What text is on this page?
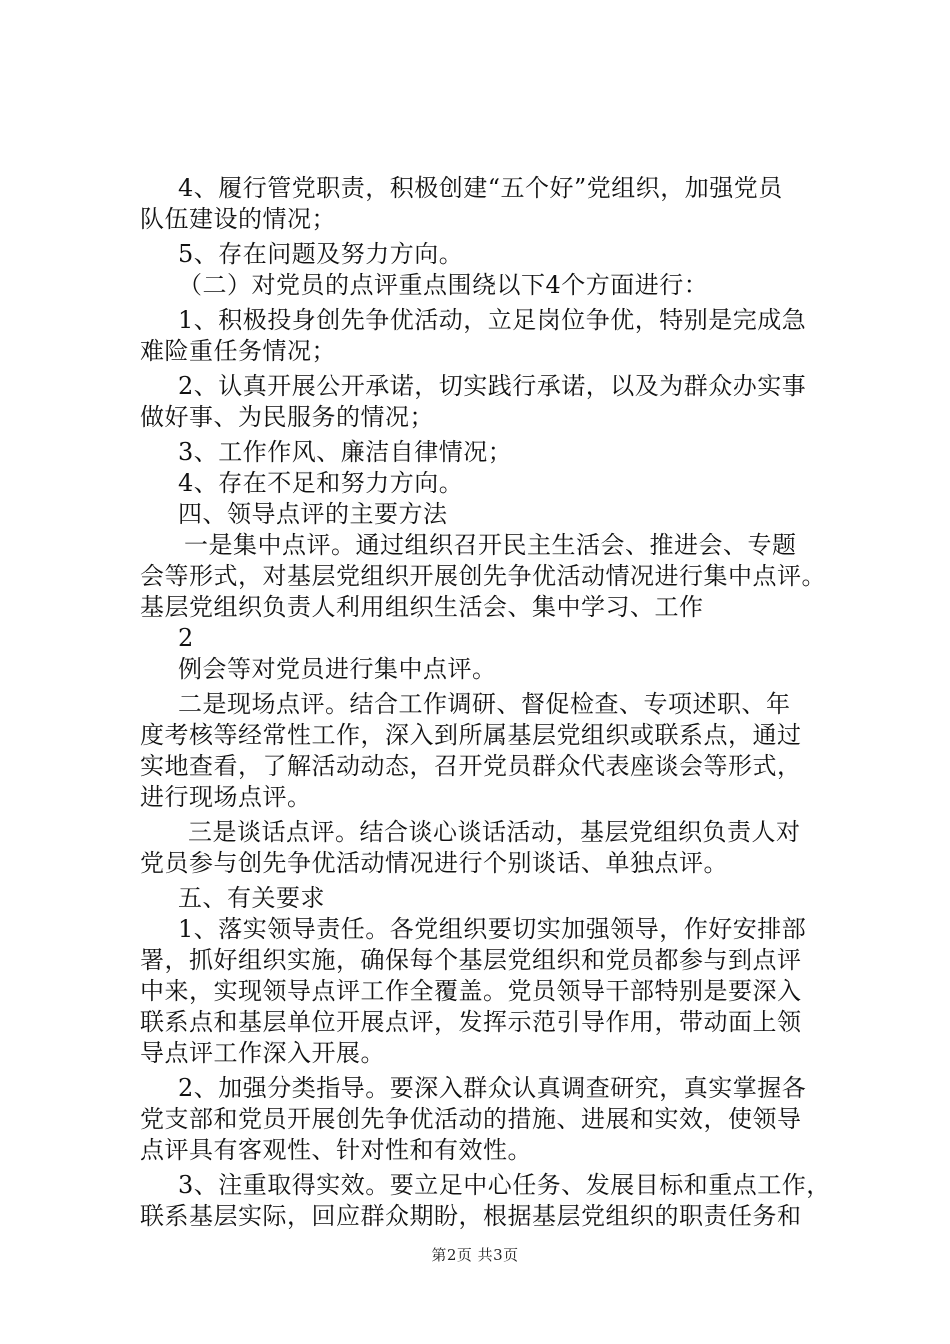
4、履行管党职责，积极创建“五个好”党组织，加强党员
队伍建设的情况；
5、存在问题及努力方向。
（二）对党员的点评重点围绕以下4个方面进行：
1、积极投身创先争优活动，立足岗位争优，特别是完成急
难险重任务情况；
2、认真开展公开承诺，切实践行承诺，以及为群众办实事
做好事、为民服务的情况；
3、工作作风、廉洁自律情况；
4、存在不足和努力方向。
四、领导点评的主要方法
一是集中点评。通过组织召开民主生活会、推进会、专题
会等形式，对基层党组织开展创先争优活动情况进行集中点评。
基层党组织负责人利用组织生活会、集中学习、工作
2
例会等对党员进行集中点评。
二是现场点评。结合工作调研、督促检查、专项述职、年
度考核等经常性工作，深入到所属基层党组织或联系点，通过
实地查看，了解活动动态，召开党员群众代表座谈会等形式，
进行现场点评。
三是谈话点评。结合谈心谈话活动，基层党组织负责人对
党员参与创先争优活动情况进行个别谈话、单独点评。
五、有关要求
1、落实领导责任。各党组织要切实加强领导，作好安排部
署，抓好组织实施，确保每个基层党组织和党员都参与到点评
中来，实现领导点评工作全覆盖。党员领导干部特别是要深入
联系点和基层单位开展点评，发挥示范引导作用，带动面上领
导点评工作深入开展。
2、加强分类指导。要深入群众认真调查研究，真实掌握各
党支部和党员开展创先争优活动的措施、进展和实效，使领导
点评具有客观性、针对性和有效性。
3、注重取得实效。要立足中心任务、发展目标和重点工作，
联系基层实际，回应群众期盼，根据基层党组织的职责任务和
第2页 共3页
